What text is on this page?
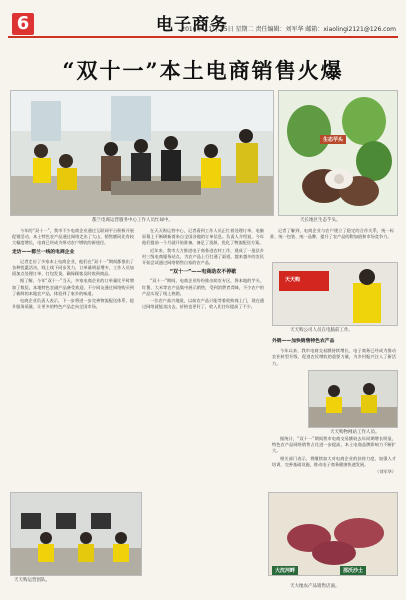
6	电子商务
2016年 11月 15日 星期二 责任编辑：刘军华 邮箱：xiaolingi2121@126.com
“双十一”本土电商销售火爆
都兰电商运营服务中心工作人员忙碌中。
生态芋头
天长地区生态芋头。

今年的“双十一”，我市不少电商企业通过互联网平台积极开展促销活动，本土特色农产品通过网络走出了大山，销售额同比有较大幅度增长，电商已经成为带动农户增收的新途径。

走访——都兰一线的电商企业

记者走访了多家本土电商企业，他们在“双十一”期间都推出了各种优惠活动，线上线下同步发力，订单量明显增多，工作人员加班加点处理订单、打包发货，确保顾客及时收到商品。

据了解，今年“双十一”当天，多家电商企业的订单量比平时增加了数倍，本地特色农副产品备受欢迎，不少网友通过网络购买到了新鲜的本地农产品，体验到了家乡的味道。

电商企业负责人表示，下一步将进一步完善物流配送体系，提升服务质量，让更多的特色产品走向全国市场。

在天天购运营中心，记者看到工作人员正忙着处理订单，电脑屏幕上不断刷新着来自全国各地的订单信息。负责人介绍说，今年他们提前一个月就开始准备，备足了货源，优化了物流配送方案。

近年来，我市大力推进电子商务进农村工作，建成了一批县乡村三级电商服务站点，为农产品上行打通了渠道，越来越多的农民开始尝试通过网络销售自家的农产品。

“双十一”——电商助农不停歇

“双十一”期间，电商企业纷纷推出助农专区，将本地的芋头、红薯、大米等农产品集中展示销售，受到消费者青睐，不少农户的产品实现了线上热销。

一位农户高兴地说，以前农产品只能等着收购商上门，现在通过网络就能卖出去，价格也更好了，收入比往年提高了不少。

记者了解到，电商企业与农户建立了稳定的合作关系，统一标准、统一包装、统一品牌，提升了农产品的附加值和市场竞争力。

天天购
天天购公司人员在电脑前工作。
外销——加快销售特色农产品

今年以来，我市电商交易额持续增长，电子商务已经成为推动农业转型升级、促进农民增收的重要力量，为乡村振兴注入了新活力。

天天购物网站工作人员。

据统计，“双十一”期间我市电商交易额较去年同期增长明显，特色农产品网络销售占比进一步提高，本土电商品牌影响力不断扩大。

相关部门表示，将继续加大对电商企业的扶持力度，加强人才培训，完善基础设施，推动电子商务健康快速发展。

（刘军华）

天天购运营团队。
大沈河畔	那沃沙土
天大地农产品销售店面。
